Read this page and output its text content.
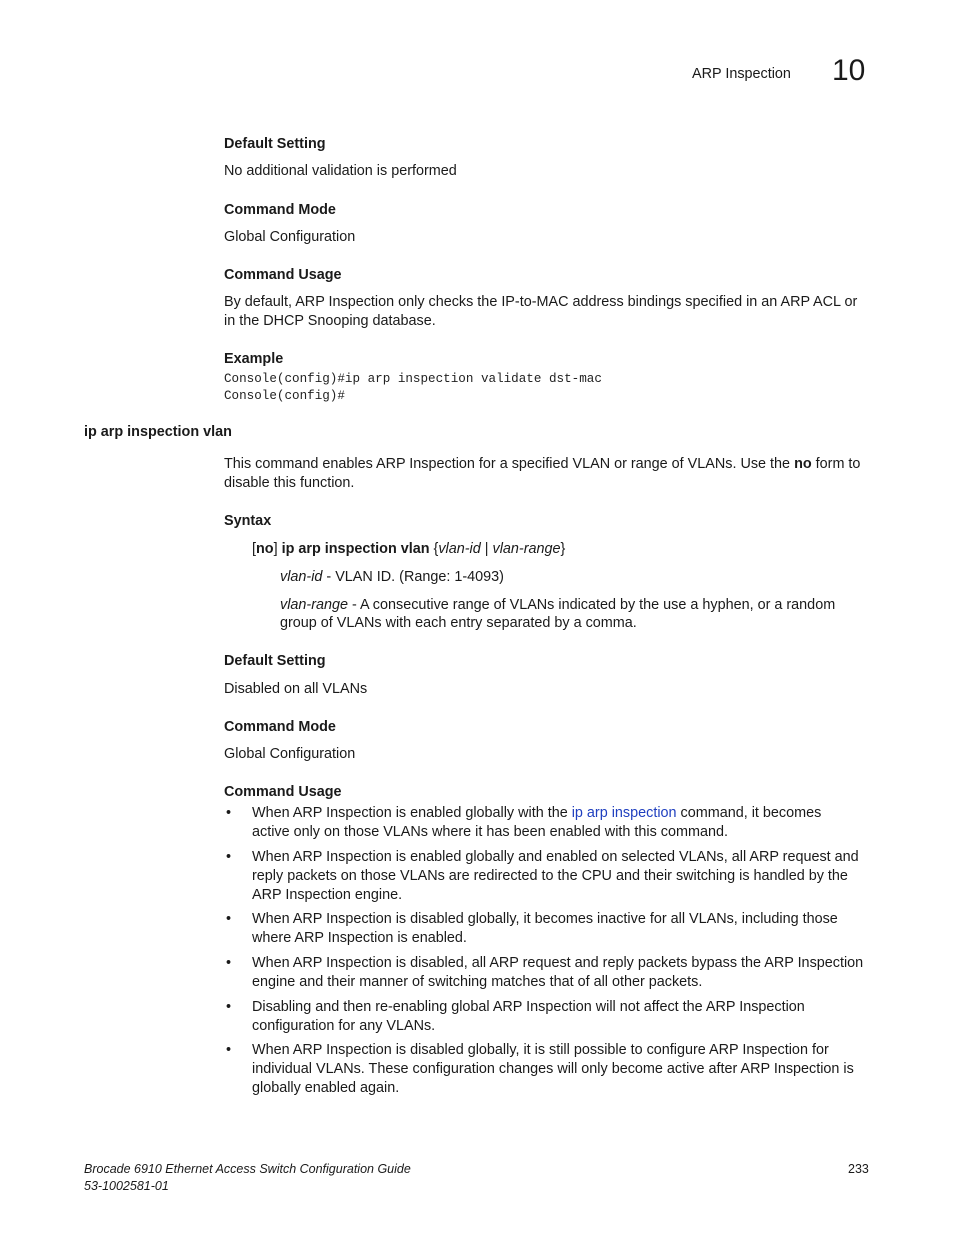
ARP Inspection 10
Default Setting
No additional validation is performed
Command Mode
Global Configuration
Command Usage
By default, ARP Inspection only checks the IP-to-MAC address bindings specified in an ARP ACL or
in the DHCP Snooping database.
Example
Console(config)#ip arp inspection validate dst-mac
Console(config)#
ip arp inspection vlan
This command enables ARP Inspection for a specified VLAN or range of VLANs. Use the no form to
disable this function.
Syntax
[no] ip arp inspection vlan {vlan-id | vlan-range}
vlan-id - VLAN ID. (Range: 1-4093)
vlan-range - A consecutive range of VLANs indicated by the use a hyphen, or a random
group of VLANs with each entry separated by a comma.
Default Setting
Disabled on all VLANs
Command Mode
Global Configuration
Command Usage
• When ARP Inspection is enabled globally with the ip arp inspection command, it becomes
active only on those VLANs where it has been enabled with this command.
• When ARP Inspection is enabled globally and enabled on selected VLANs, all ARP request and
reply packets on those VLANs are redirected to the CPU and their switching is handled by the
ARP Inspection engine.
• When ARP Inspection is disabled globally, it becomes inactive for all VLANs, including those
where ARP Inspection is enabled.
• When ARP Inspection is disabled, all ARP request and reply packets bypass the ARP Inspection
engine and their manner of switching matches that of all other packets.
• Disabling and then re-enabling global ARP Inspection will not affect the ARP Inspection
configuration for any VLANs.
• When ARP Inspection is disabled globally, it is still possible to configure ARP Inspection for
individual VLANs. These configuration changes will only become active after ARP Inspection is
globally enabled again.
Brocade 6910 Ethernet Access Switch Configuration Guide
53-1002581-01
233
